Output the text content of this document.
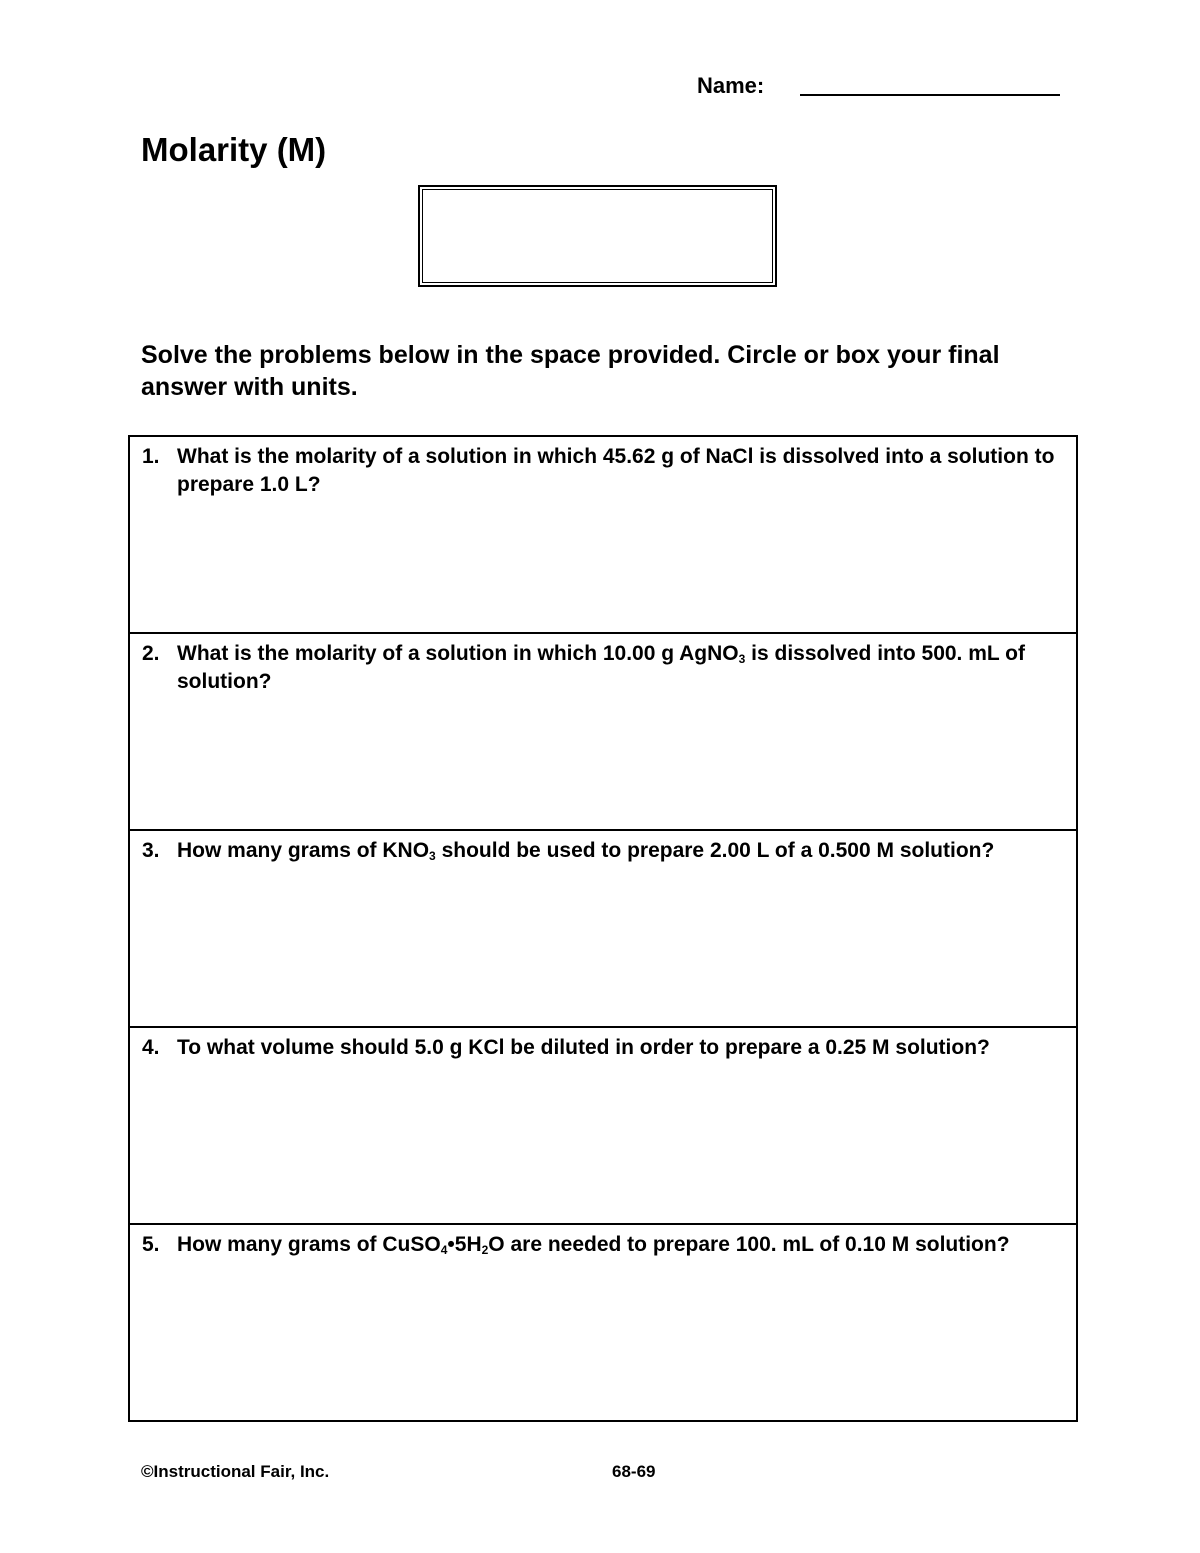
Name:
Molarity (M)

Solve the problems below in the space provided. Circle or box your final answer with units.

1. What is the molarity of a solution in which 45.62 g of NaCl is dissolved into a solution to prepare 1.0 L?

2. What is the molarity of a solution in which 10.00 g AgNO$_3$ is dissolved into 500. mL of solution?

3. How many grams of $KNO_3$ should be used to prepare 2.00 L of a 0.500 M solution?

4. To what volume should 5.0 g KCl be diluted in order to prepare a 0.25 M solution?

5. How many grams of $CuSO_4•5H_2O$ are needed to prepare 100. mL of 0.10 M solution?

©Instructional Fair, Inc.	68-69
